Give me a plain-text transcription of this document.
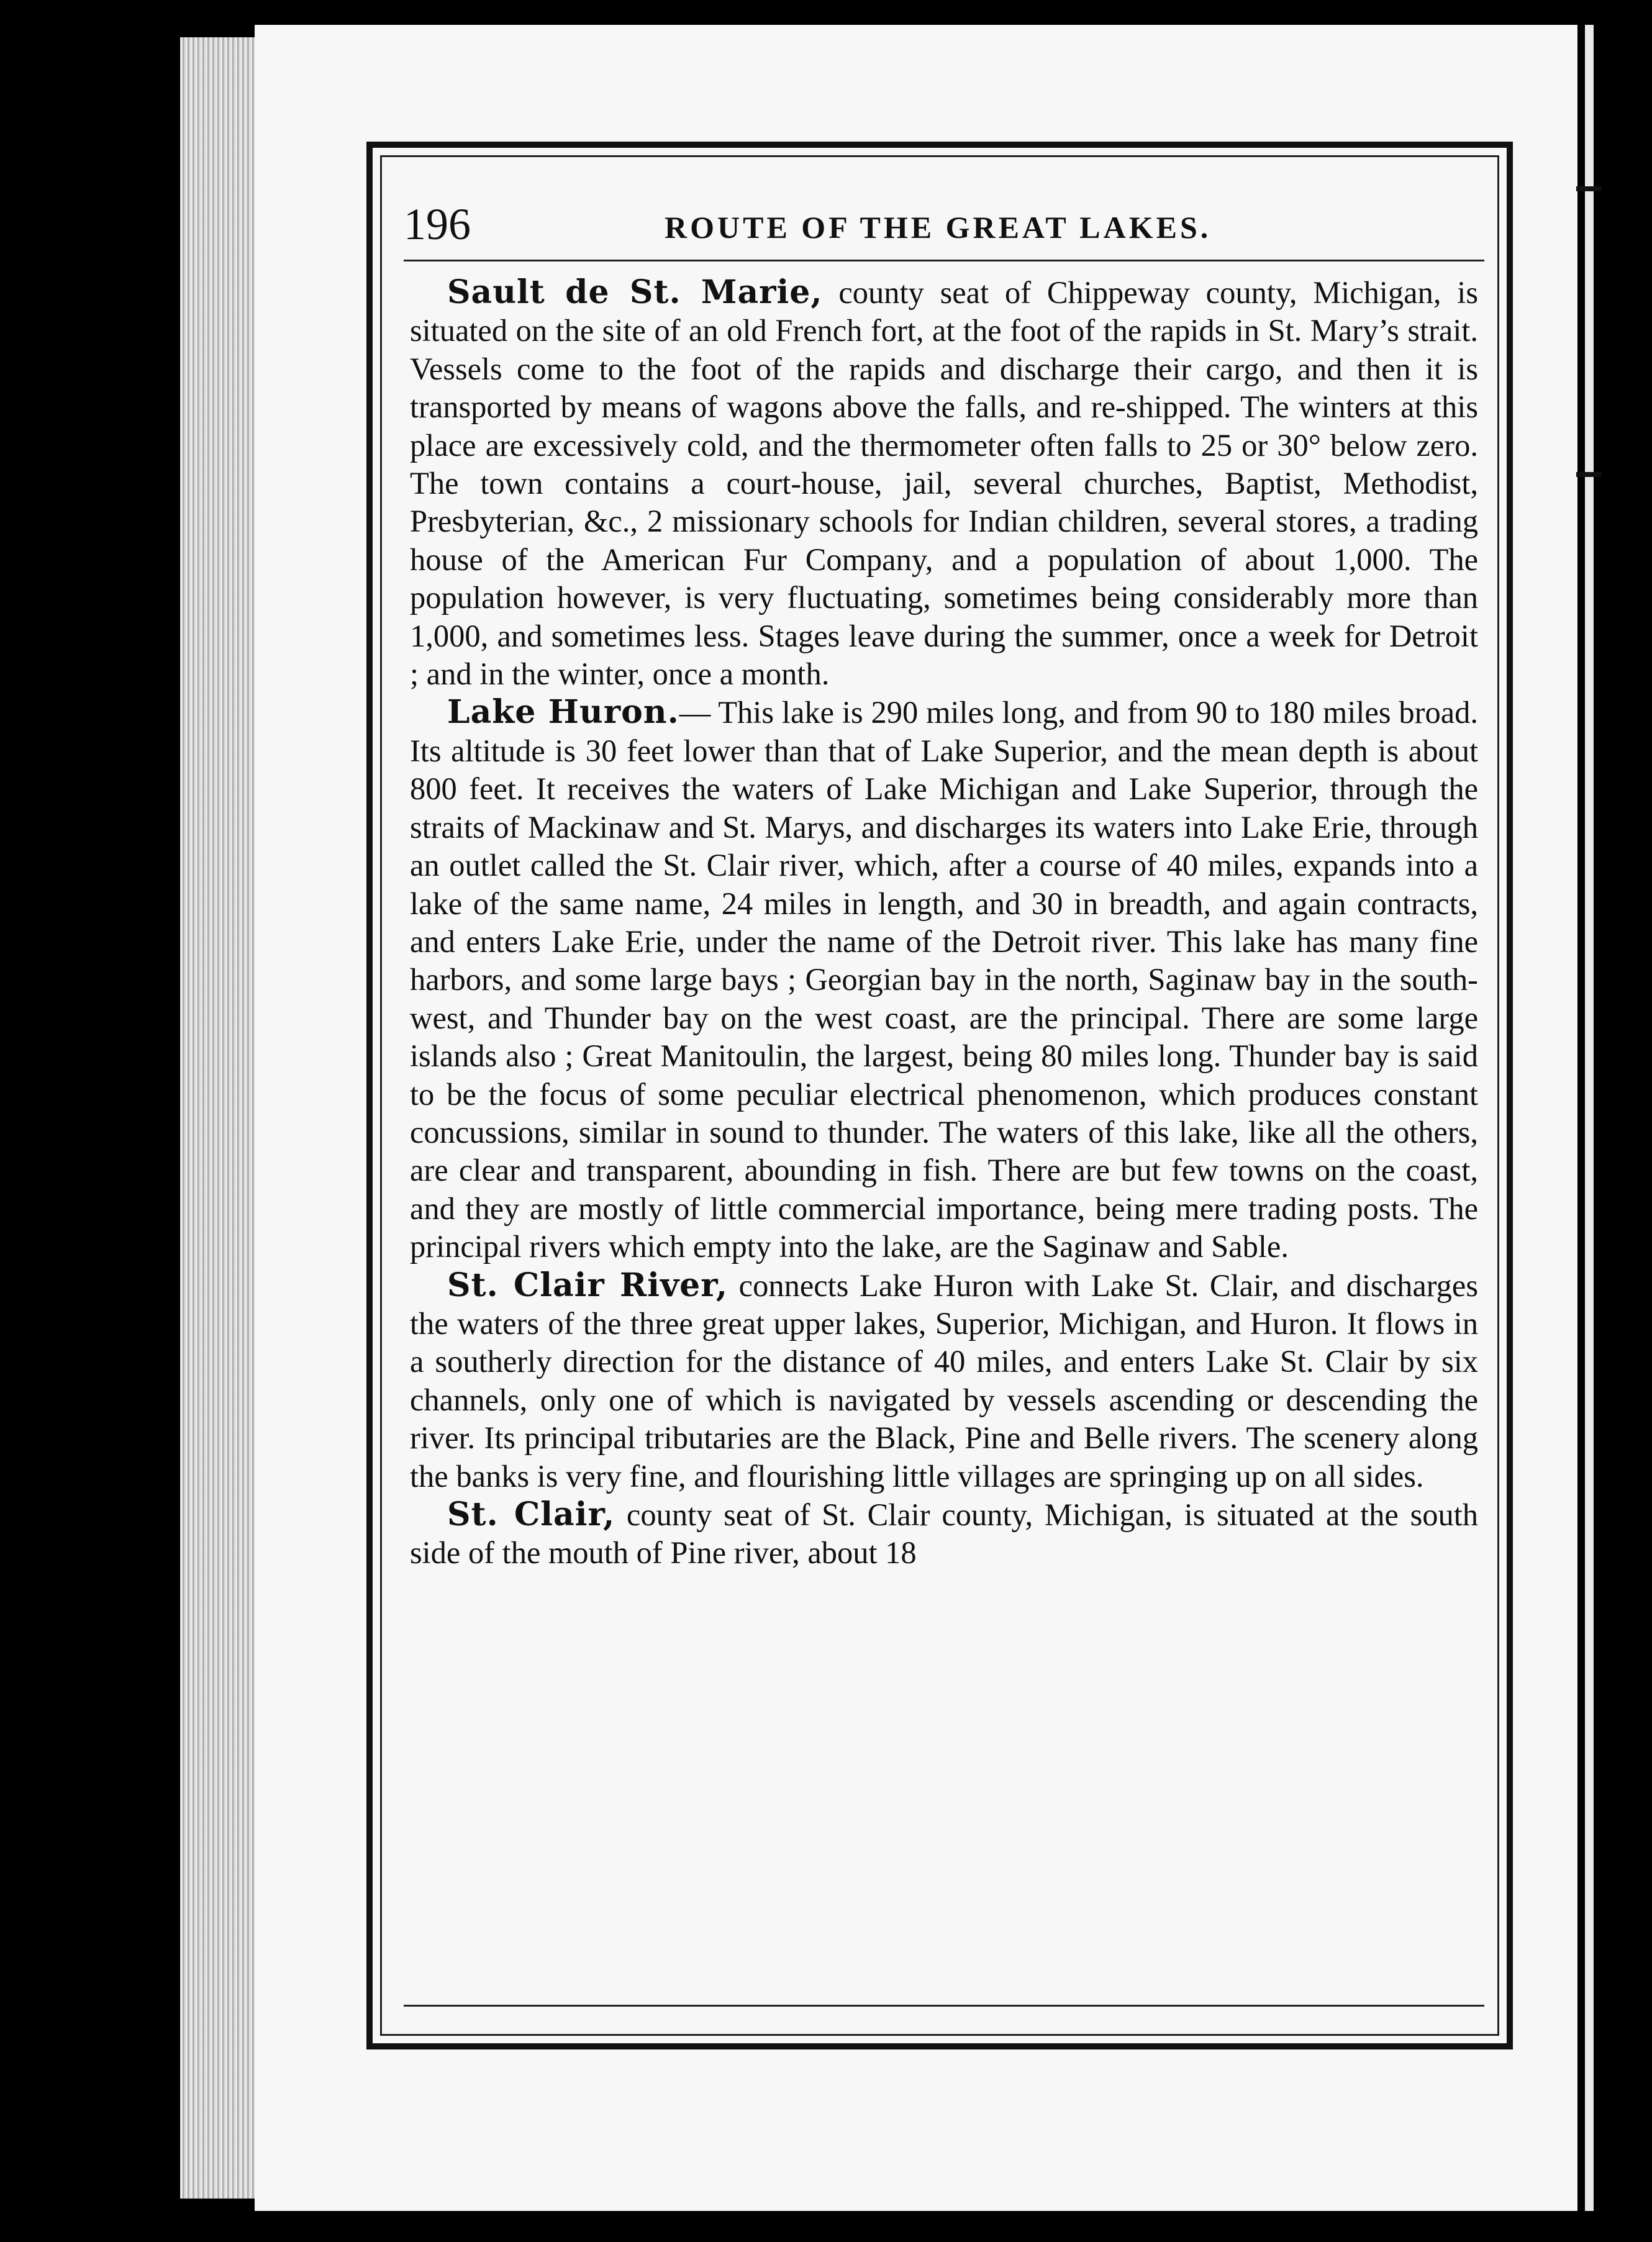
196	ROUTE OF THE GREAT LAKES.

Sault de St. Marie, county seat of Chippeway county, Michigan, is situated on the site of an old French fort, at the foot of the rapids in St. Mary’s strait. Vessels come to the foot of the rapids and discharge their cargo, and then it is transported by means of wagons above the falls, and re-shipped. The winters at this place are excessively cold, and the thermometer often falls to 25 or 30° below zero. The town contains a court-house, jail, several churches, Baptist, Methodist, Presbyterian, &c., 2 missionary schools for Indian children, several stores, a trading house of the American Fur Company, and a population of about 1,000. The population however, is very fluctuating, sometimes being considerably more than 1,000, and sometimes less. Stages leave during the summer, once a week for Detroit ; and in the winter, once a month.

Lake Huron.— This lake is 290 miles long, and from 90 to 180 miles broad. Its altitude is 30 feet lower than that of Lake Superior, and the mean depth is about 800 feet. It receives the waters of Lake Michigan and Lake Superior, through the straits of Mackinaw and St. Marys, and discharges its waters into Lake Erie, through an outlet called the St. Clair river, which, after a course of 40 miles, expands into a lake of the same name, 24 miles in length, and 30 in breadth, and again contracts, and enters Lake Erie, under the name of the Detroit river. This lake has many fine harbors, and some large bays ; Georgian bay in the north, Saginaw bay in the south-west, and Thunder bay on the west coast, are the principal. There are some large islands also ; Great Manitoulin, the largest, being 80 miles long. Thunder bay is said to be the focus of some peculiar electrical phenomenon, which produces constant concussions, similar in sound to thunder. The waters of this lake, like all the others, are clear and transparent, abounding in fish. There are but few towns on the coast, and they are mostly of little commercial importance, being mere trading posts. The principal rivers which empty into the lake, are the Saginaw and Sable.

St. Clair River, connects Lake Huron with Lake St. Clair, and discharges the waters of the three great upper lakes, Superior, Michigan, and Huron. It flows in a southerly direction for the distance of 40 miles, and enters Lake St. Clair by six channels, only one of which is navigated by vessels ascending or descending the river. Its principal tributaries are the Black, Pine and Belle rivers. The scenery along the banks is very fine, and flourishing little villages are springing up on all sides.

St. Clair, county seat of St. Clair county, Michigan, is situated at the south side of the mouth of Pine river, about 18
